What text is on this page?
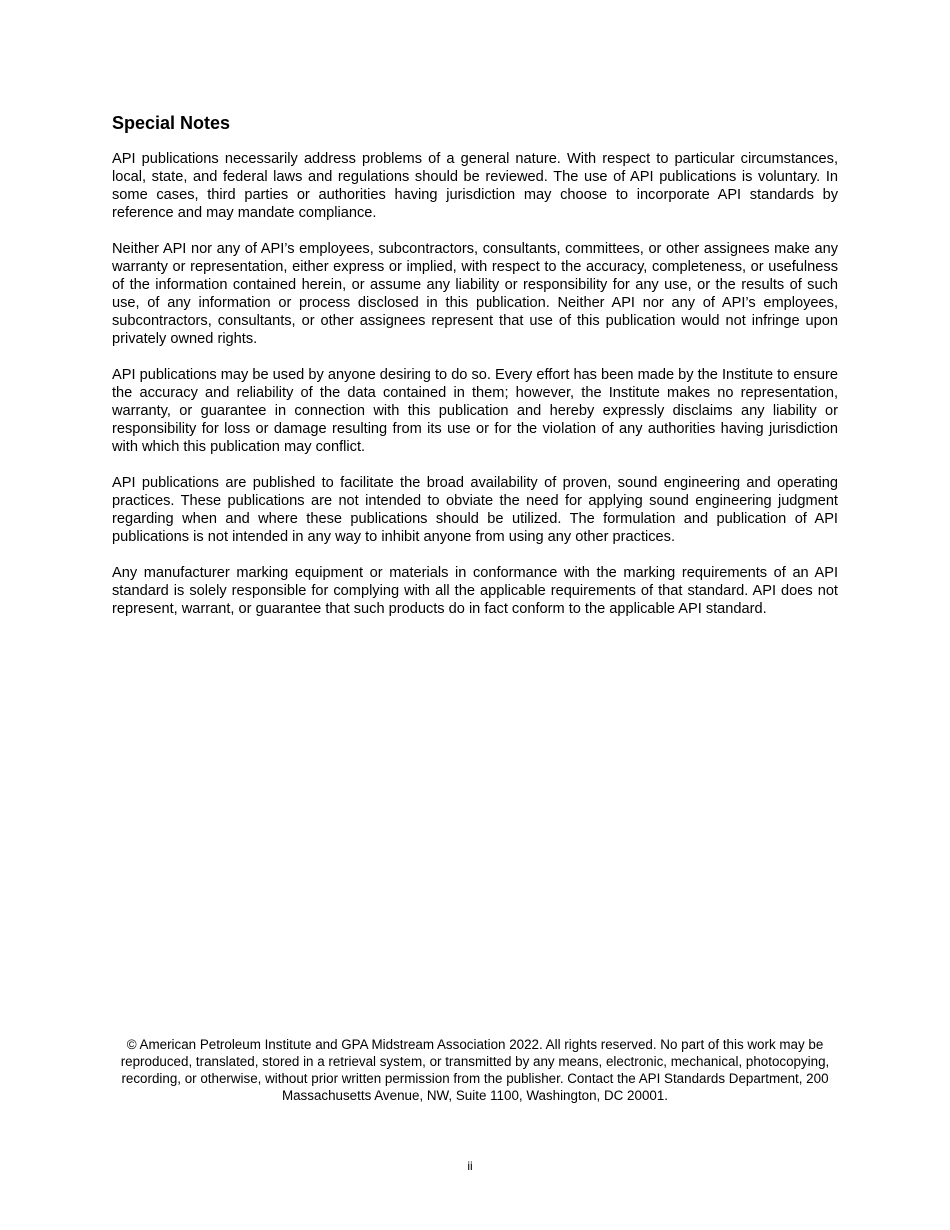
Special Notes

API publications necessarily address problems of a general nature. With respect to particular circumstances, local, state, and federal laws and regulations should be reviewed. The use of API publications is voluntary. In some cases, third parties or authorities having jurisdiction may choose to incorporate API standards by reference and may mandate compliance.

Neither API nor any of API’s employees, subcontractors, consultants, committees, or other assignees make any warranty or representation, either express or implied, with respect to the accuracy, completeness, or usefulness of the information contained herein, or assume any liability or responsibility for any use, or the results of such use, of any information or process disclosed in this publication. Neither API nor any of API’s employees, subcontractors, consultants, or other assignees represent that use of this publication would not infringe upon privately owned rights.

API publications may be used by anyone desiring to do so. Every effort has been made by the Institute to ensure the accuracy and reliability of the data contained in them; however, the Institute makes no representation, warranty, or guarantee in connection with this publication and hereby expressly disclaims any liability or responsibility for loss or damage resulting from its use or for the violation of any authorities having jurisdiction with which this publication may conflict.

API publications are published to facilitate the broad availability of proven, sound engineering and operating practices. These publications are not intended to obviate the need for applying sound engineering judgment regarding when and where these publications should be utilized. The formulation and publication of API publications is not intended in any way to inhibit anyone from using any other practices.

Any manufacturer marking equipment or materials in conformance with the marking requirements of an API standard is solely responsible for complying with all the applicable requirements of that standard. API does not represent, warrant, or guarantee that such products do in fact conform to the applicable API standard.

© American Petroleum Institute and GPA Midstream Association 2022. All rights reserved. No part of this work may be reproduced, translated, stored in a retrieval system, or transmitted by any means, electronic, mechanical, photocopying, recording, or otherwise, without prior written permission from the publisher. Contact the API Standards Department, 200 Massachusetts Avenue, NW, Suite 1100, Washington, DC 20001.

ii
